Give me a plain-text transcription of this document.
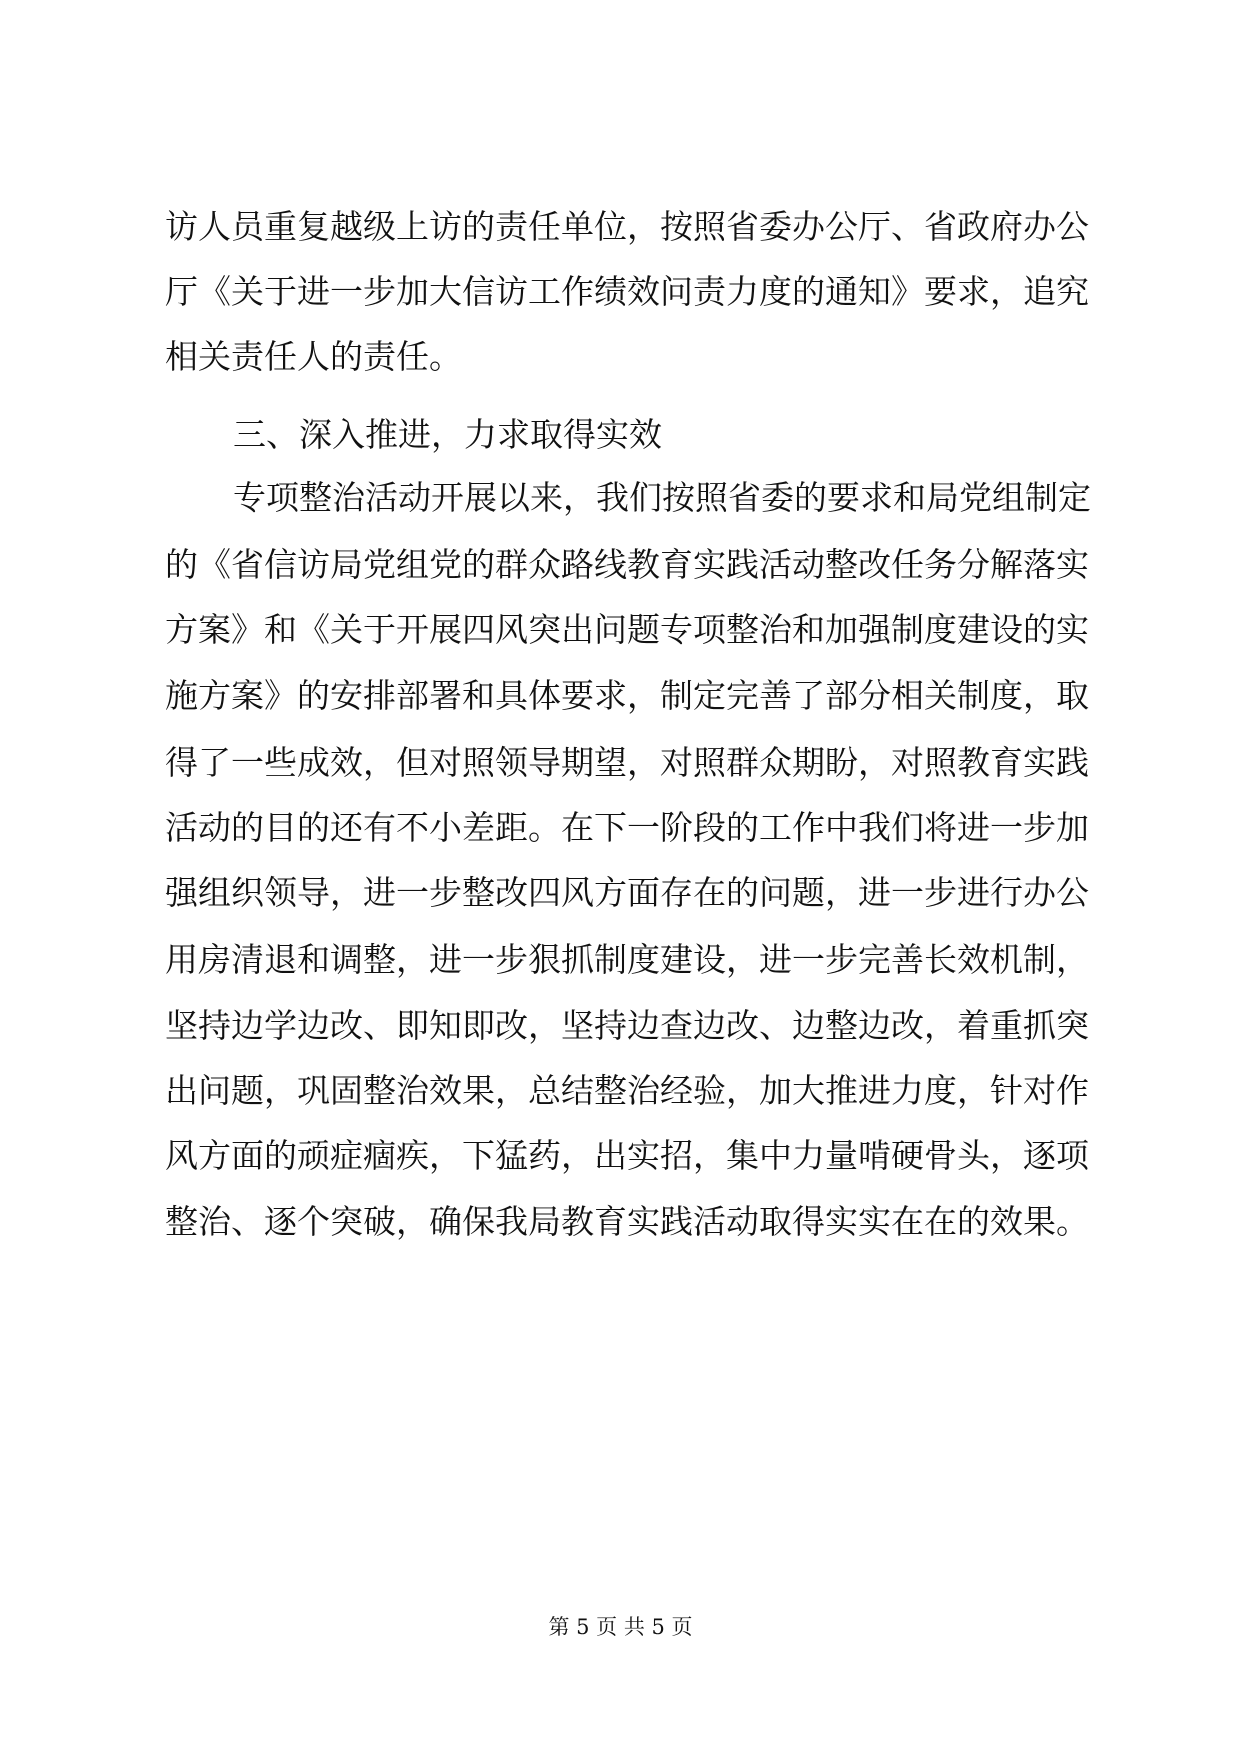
访人员重复越级上访的责任单位，按照省委办公厅、省政府办公
厅《关于进一步加大信访工作绩效问责力度的通知》要求，追究
相关责任人的责任。
三、深入推进，力求取得实效
专项整治活动开展以来，我们按照省委的要求和局党组制定
的《省信访局党组党的群众路线教育实践活动整改任务分解落实
方案》和《关于开展四风突出问题专项整治和加强制度建设的实
施方案》的安排部署和具体要求，制定完善了部分相关制度，取
得了一些成效，但对照领导期望，对照群众期盼，对照教育实践
活动的目的还有不小差距。在下一阶段的工作中我们将进一步加
强组织领导，进一步整改四风方面存在的问题，进一步进行办公
用房清退和调整，进一步狠抓制度建设，进一步完善长效机制，
坚持边学边改、即知即改，坚持边查边改、边整边改，着重抓突
出问题，巩固整治效果，总结整治经验，加大推进力度，针对作
风方面的顽症痼疾，下猛药，出实招，集中力量啃硬骨头，逐项
整治、逐个突破，确保我局教育实践活动取得实实在在的效果。
第 5 页 共 5 页
